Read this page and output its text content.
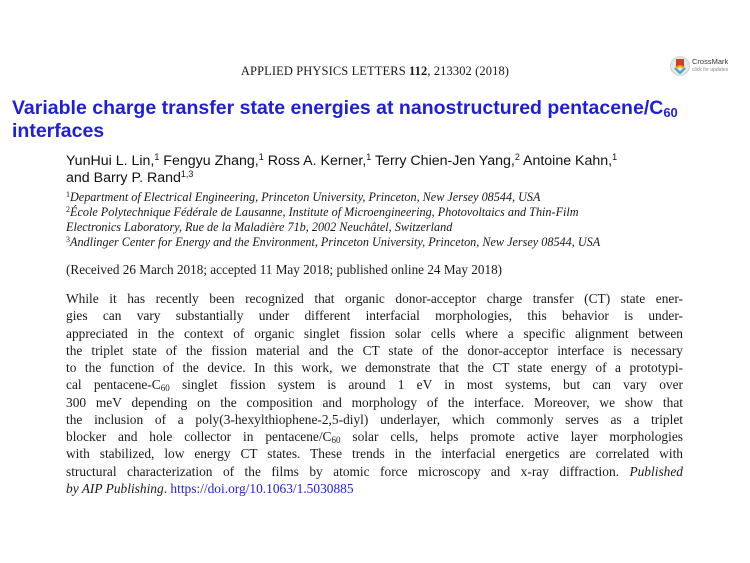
APPLIED PHYSICS LETTERS 112, 213302 (2018)
CrossMark
click for updates
Variable charge transfer state energies at nanostructured pentacene/$C_{60}$
interfaces
YunHui L. Lin,$^1$ Fengyu Zhang,$^1$ Ross A. Kerner,$^1$ Terry Chien-Jen Yang,$^2$ Antoine Kahn,$^1$
and Barry P. Rand$^{1,3}$
$^1$Department of Electrical Engineering, Princeton University, Princeton, New Jersey 08544, USA
$^2$École Polytechnique Fédérale de Lausanne, Institute of Microengineering, Photovoltaics and Thin-Film
Electronics Laboratory, Rue de la Maladière 71b, 2002 Neuchâtel, Switzerland
$^3$Andlinger Center for Energy and the Environment, Princeton University, Princeton, New Jersey 08544, USA
(Received 26 March 2018; accepted 11 May 2018; published online 24 May 2018)
While it has recently been recognized that organic donor-acceptor charge transfer (CT) state ener-
gies can vary substantially under different interfacial morphologies, this behavior is under-
appreciated in the context of organic singlet fission solar cells where a specific alignment between
the triplet state of the fission material and the CT state of the donor-acceptor interface is necessary
to the function of the device. In this work, we demonstrate that the CT state energy of a prototypi-
cal pentacene-$C_{60}$ singlet fission system is around 1 eV in most systems, but can vary over
300 meV depending on the composition and morphology of the interface. Moreover, we show that
the inclusion of a poly(3-hexylthiophene-2,5-diyl) underlayer, which commonly serves as a triplet
blocker and hole collector in pentacene/$C_{60}$ solar cells, helps promote active layer morphologies
with stabilized, low energy CT states. These trends in the interfacial energetics are correlated with
structural characterization of the films by atomic force microscopy and x-ray diffraction. Published
by AIP Publishing. https://doi.org/10.1063/1.5030885
